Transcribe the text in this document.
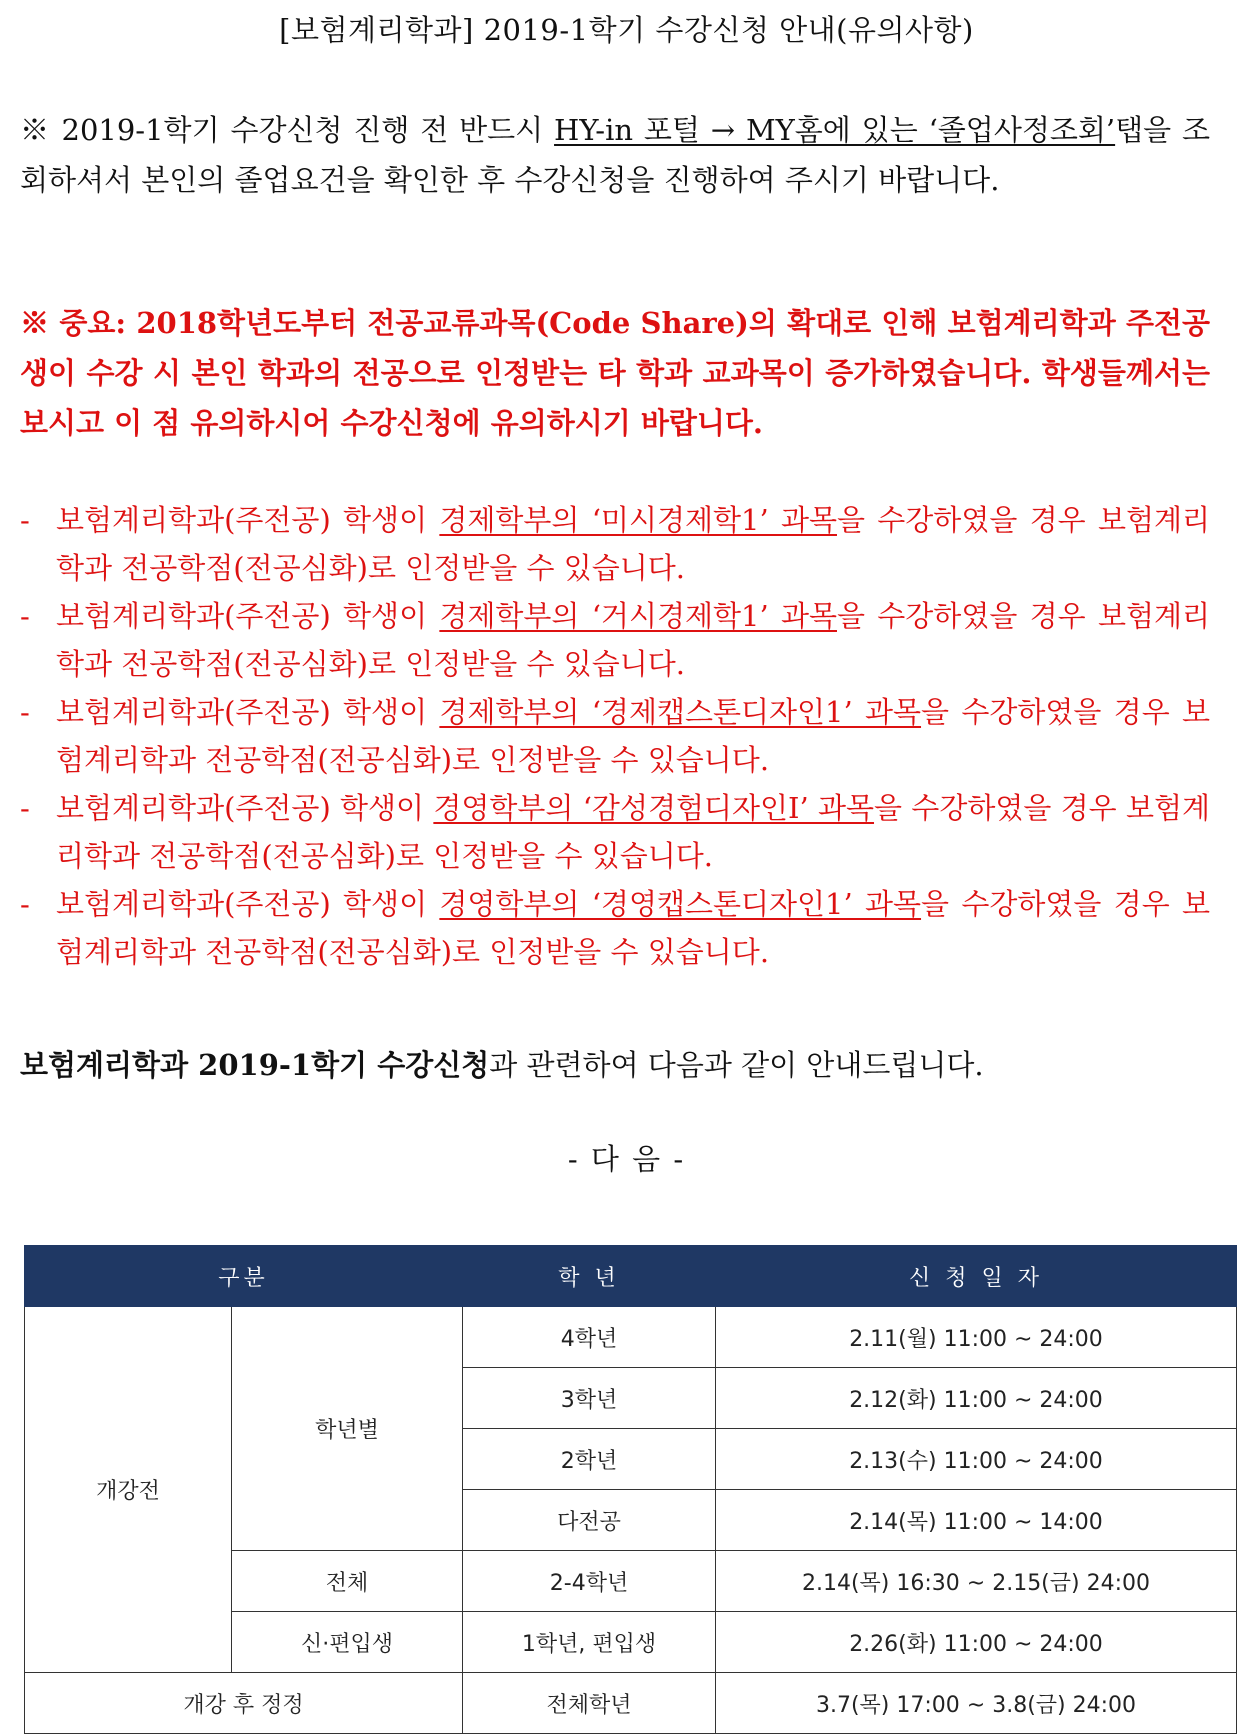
[보험계리학과] 2019-1학기 수강신청 안내(유의사항)
※ 2019-1학기 수강신청 진행 전 반드시 HY-in 포털 → MY홈에 있는 ‘졸업사정조회’탭을 조회하셔서 본인의 졸업요건을 확인한 후 수강신청을 진행하여 주시기 바랍니다.
※ 중요: 2018학년도부터 전공교류과목(Code Share)의 확대로 인해 보험계리학과 주전공생이 수강 시 본인 학과의 전공으로 인정받는 타 학과 교과목이 증가하였습니다. 학생들께서는 보시고 이 점 유의하시어 수강신청에 유의하시기 바랍니다.
- 보험계리학과(주전공) 학생이 경제학부의 ‘미시경제학1’ 과목을 수강하였을 경우 보험계리학과 전공학점(전공심화)로 인정받을 수 있습니다.
- 보험계리학과(주전공) 학생이 경제학부의 ‘거시경제학1’ 과목을 수강하였을 경우 보험계리학과 전공학점(전공심화)로 인정받을 수 있습니다.
- 보험계리학과(주전공) 학생이 경제학부의 ‘경제캡스톤디자인1’ 과목을 수강하였을 경우 보험계리학과 전공학점(전공심화)로 인정받을 수 있습니다.
- 보험계리학과(주전공) 학생이 경영학부의 ‘감성경험디자인I’ 과목을 수강하였을 경우 보험계리학과 전공학점(전공심화)로 인정받을 수 있습니다.
- 보험계리학과(주전공) 학생이 경영학부의 ‘경영캡스톤디자인1’ 과목을 수강하였을 경우 보험계리학과 전공학점(전공심화)로 인정받을 수 있습니다.
보험계리학과 2019-1학기 수강신청과 관련하여 다음과 같이 안내드립니다.
- 다 음 -
구분		학 년	신 청 일 자
개강전	학년별	4학년	2.11(월) 11:00 ~ 24:00
		3학년	2.12(화) 11:00 ~ 24:00
		2학년	2.13(수) 11:00 ~ 24:00
		다전공	2.14(목) 11:00 ~ 14:00
	전체	2-4학년	2.14(목) 16:30 ~ 2.15(금) 24:00
	신·편입생	1학년, 편입생	2.26(화) 11:00 ~ 24:00
개강 후 정정		전체학년	3.7(목) 17:00 ~ 3.8(금) 24:00
